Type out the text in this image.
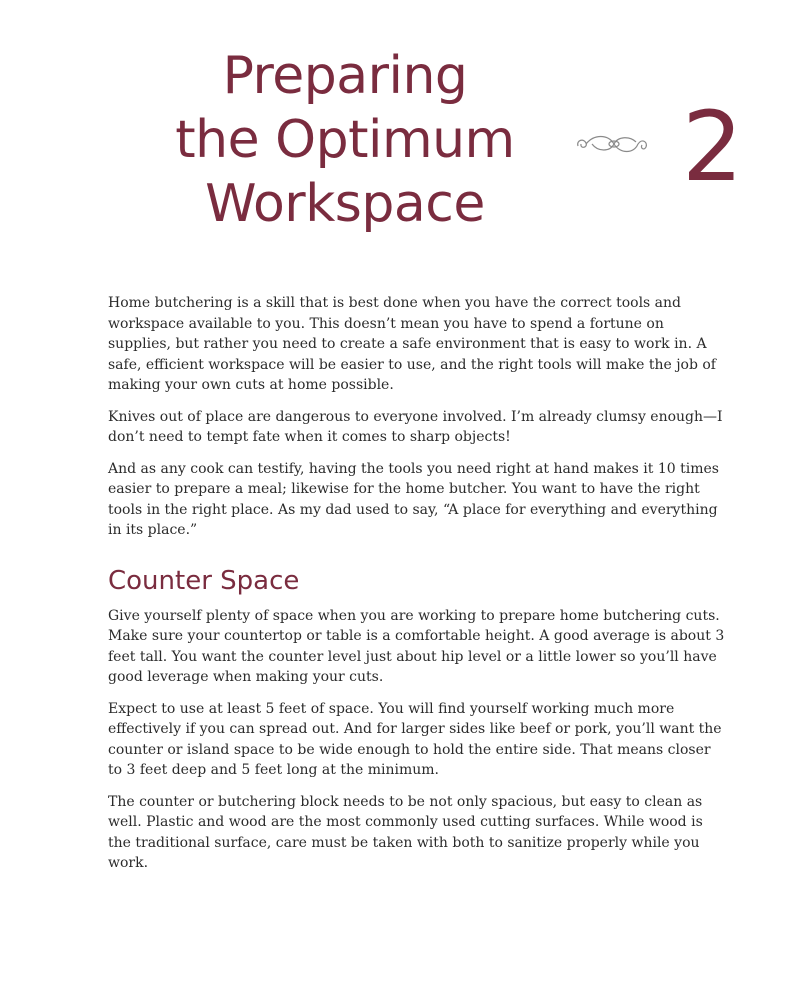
Preparing
the Optimum
Workspace
2

Home butchering is a skill that is best done when you have the correct tools and workspace available to you. This doesn’t mean you have to spend a fortune on supplies, but rather you need to create a safe environment that is easy to work in. A safe, efficient workspace will be easier to use, and the right tools will make the job of making your own cuts at home possible.

Knives out of place are dangerous to everyone involved. I’m already clumsy enough—I don’t need to tempt fate when it comes to sharp objects!

And as any cook can testify, having the tools you need right at hand makes it 10 times easier to prepare a meal; likewise for the home butcher. You want to have the right tools in the right place. As my dad used to say, “A place for everything and everything in its place.”

Counter Space

Give yourself plenty of space when you are working to prepare home butchering cuts. Make sure your countertop or table is a comfortable height. A good average is about 3 feet tall. You want the counter level just about hip level or a little lower so you’ll have good leverage when making your cuts.

Expect to use at least 5 feet of space. You will find yourself working much more effectively if you can spread out. And for larger sides like beef or pork, you’ll want the counter or island space to be wide enough to hold the entire side. That means closer to 3 feet deep and 5 feet long at the minimum.

The counter or butchering block needs to be not only spacious, but easy to clean as well. Plastic and wood are the most commonly used cutting surfaces. While wood is the traditional surface, care must be taken with both to sanitize properly while you work.
